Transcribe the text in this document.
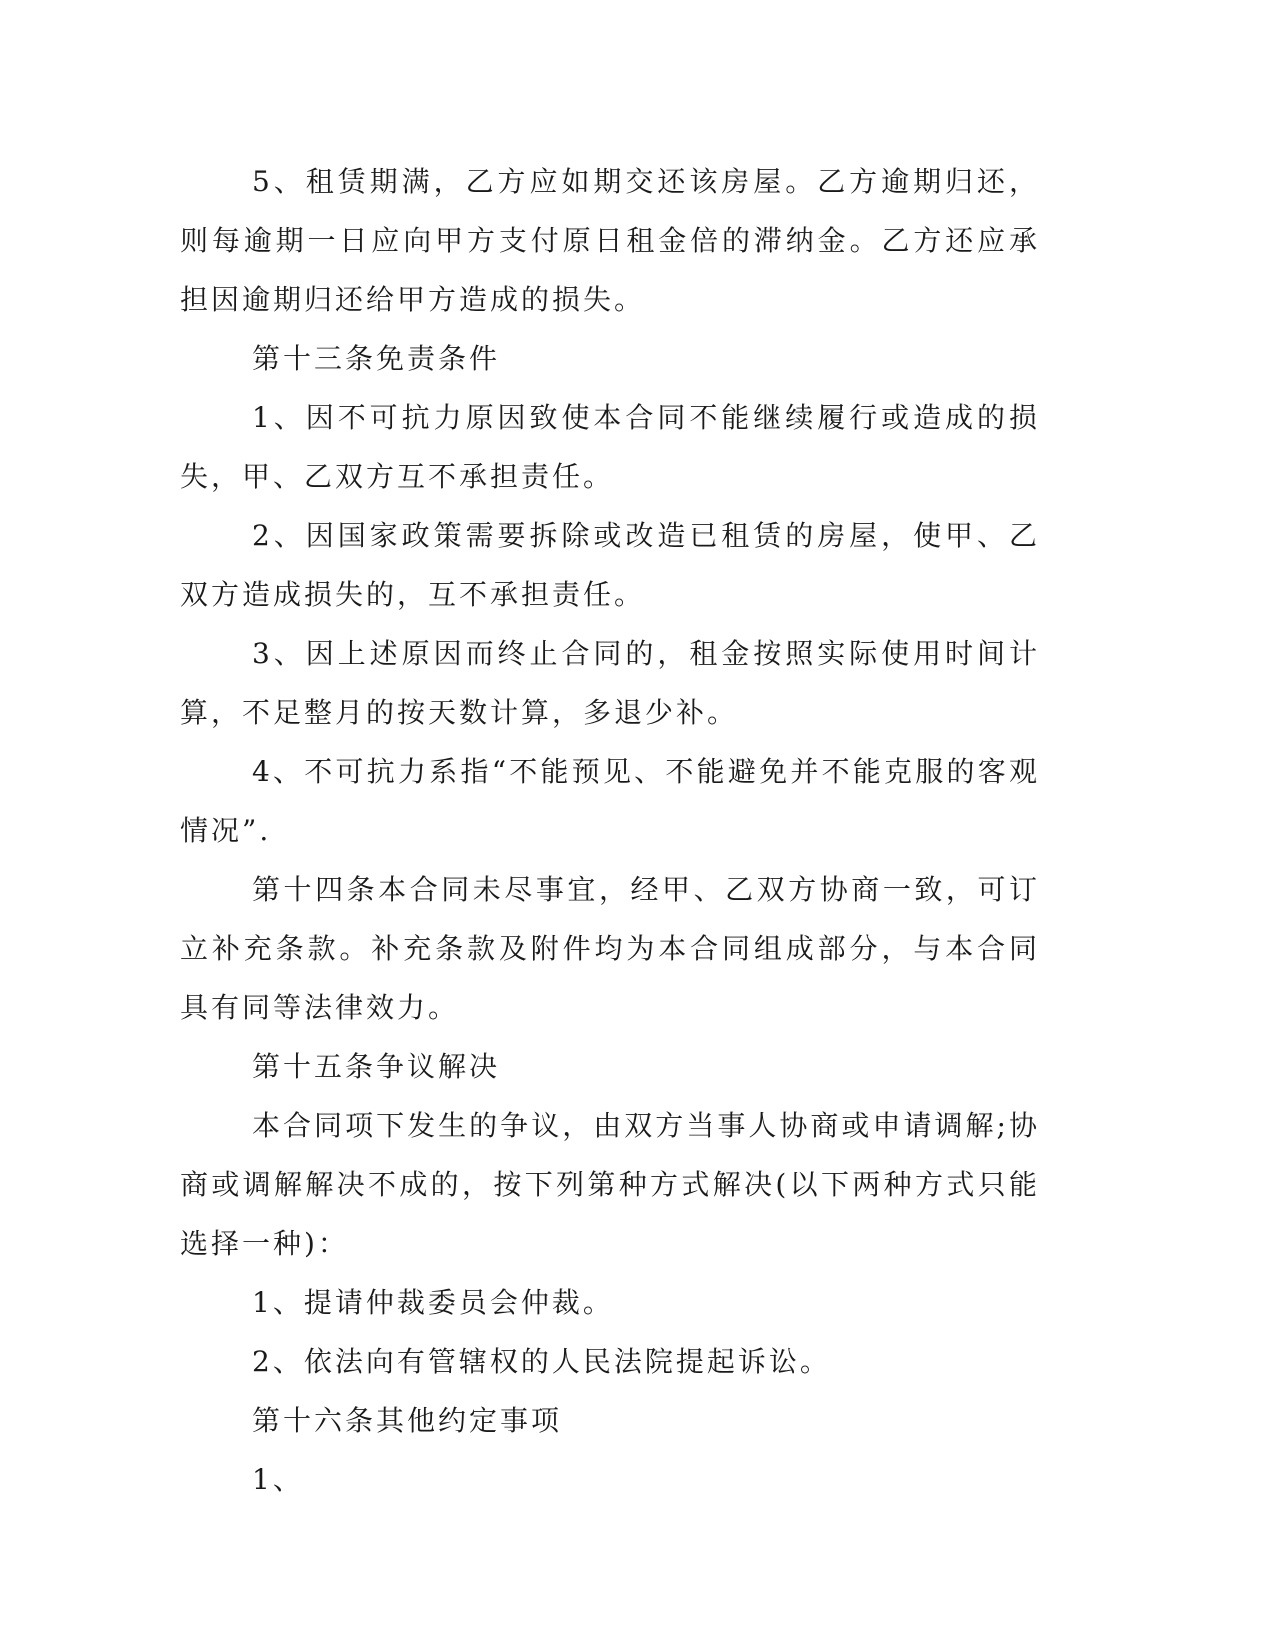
5、租赁期满，乙方应如期交还该房屋。乙方逾期归还，则每逾期一日应向甲方支付原日租金倍的滞纳金。乙方还应承担因逾期归还给甲方造成的损失。

第十三条免责条件

1、因不可抗力原因致使本合同不能继续履行或造成的损失，甲、乙双方互不承担责任。

2、因国家政策需要拆除或改造已租赁的房屋，使甲、乙双方造成损失的，互不承担责任。

3、因上述原因而终止合同的，租金按照实际使用时间计算，不足整月的按天数计算，多退少补。

4、不可抗力系指“不能预见、不能避免并不能克服的客观情况”.

第十四条本合同未尽事宜，经甲、乙双方协商一致，可订立补充条款。补充条款及附件均为本合同组成部分，与本合同具有同等法律效力。

第十五条争议解决

本合同项下发生的争议，由双方当事人协商或申请调解;协商或调解解决不成的，按下列第种方式解决(以下两种方式只能选择一种)：

1、提请仲裁委员会仲裁。

2、依法向有管辖权的人民法院提起诉讼。

第十六条其他约定事项

1、
